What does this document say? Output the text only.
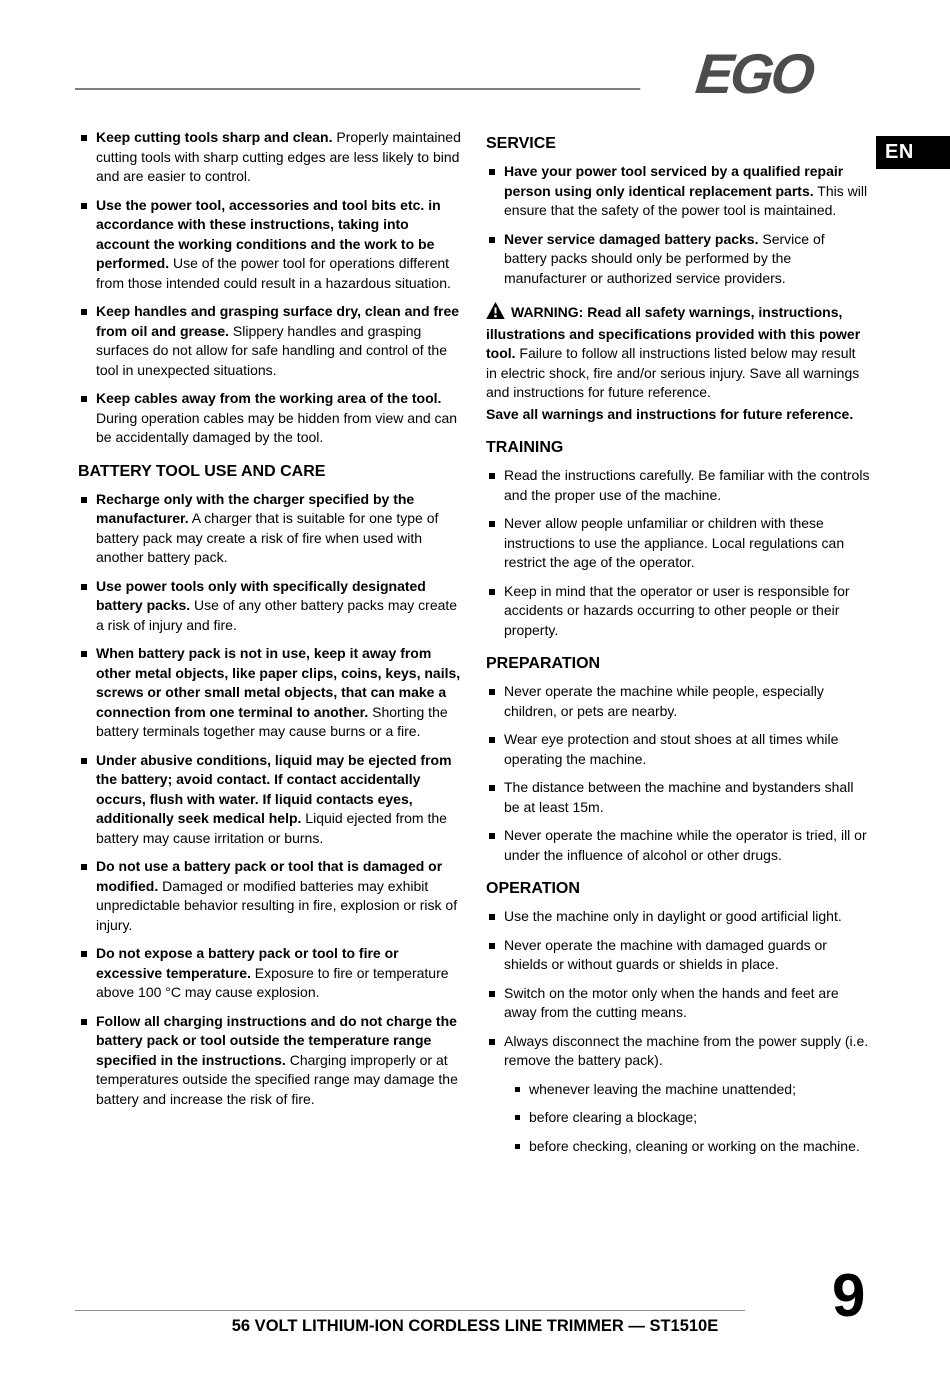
EGO
EN

Keep cutting tools sharp and clean. Properly maintained cutting tools with sharp cutting edges are less likely to bind and are easier to control.

Use the power tool, accessories and tool bits etc. in accordance with these instructions, taking into account the working conditions and the work to be performed. Use of the power tool for operations different from those intended could result in a hazardous situation.

Keep handles and grasping surface dry, clean and free from oil and grease. Slippery handles and grasping surfaces do not allow for safe handling and control of the tool in unexpected situations.

Keep cables away from the working area of the tool. During operation cables may be hidden from view and can be accidentally damaged by the tool.

BATTERY TOOL USE AND CARE

Recharge only with the charger specified by the manufacturer. A charger that is suitable for one type of battery pack may create a risk of fire when used with another battery pack.

Use power tools only with specifically designated battery packs. Use of any other battery packs may create a risk of injury and fire.

When battery pack is not in use, keep it away from other metal objects, like paper clips, coins, keys, nails, screws or other small metal objects, that can make a connection from one terminal to another. Shorting the battery terminals together may cause burns or a fire.

Under abusive conditions, liquid may be ejected from the battery; avoid contact. If contact accidentally occurs, flush with water. If liquid contacts eyes, additionally seek medical help. Liquid ejected from the battery may cause irritation or burns.

Do not use a battery pack or tool that is damaged or modified. Damaged or modified batteries may exhibit unpredictable behavior resulting in fire, explosion or risk of injury.

Do not expose a battery pack or tool to fire or excessive temperature. Exposure to fire or temperature above 100 °C may cause explosion.

Follow all charging instructions and do not charge the battery pack or tool outside the temperature range specified in the instructions. Charging improperly or at temperatures outside the specified range may damage the battery and increase the risk of fire.

SERVICE

Have your power tool serviced by a qualified repair person using only identical replacement parts. This will ensure that the safety of the power tool is maintained.

Never service damaged battery packs. Service of battery packs should only be performed by the manufacturer or authorized service providers.

WARNING: Read all safety warnings, instructions, illustrations and specifications provided with this power tool. Failure to follow all instructions listed below may result in electric shock, fire and/or serious injury. Save all warnings and instructions for future reference.

Save all warnings and instructions for future reference.

TRAINING

Read the instructions carefully. Be familiar with the controls and the proper use of the machine.

Never allow people unfamiliar or children with these instructions to use the appliance. Local regulations can restrict the age of the operator.

Keep in mind that the operator or user is responsible for accidents or hazards occurring to other people or their property.

PREPARATION

Never operate the machine while people, especially children, or pets are nearby.

Wear eye protection and stout shoes at all times while operating the machine.

The distance between the machine and bystanders shall be at least 15m.

Never operate the machine while the operator is tried, ill or under the influence of alcohol or other drugs.

OPERATION

Use the machine only in daylight or good artificial light.

Never operate the machine with damaged guards or shields or without guards or shields in place.

Switch on the motor only when the hands and feet are away from the cutting means.

Always disconnect the machine from the power supply (i.e. remove the battery pack).

whenever leaving the machine unattended;

before clearing a blockage;

before checking, cleaning or working on the machine.

56 VOLT LITHIUM-ION CORDLESS LINE TRIMMER — ST1510E	9
